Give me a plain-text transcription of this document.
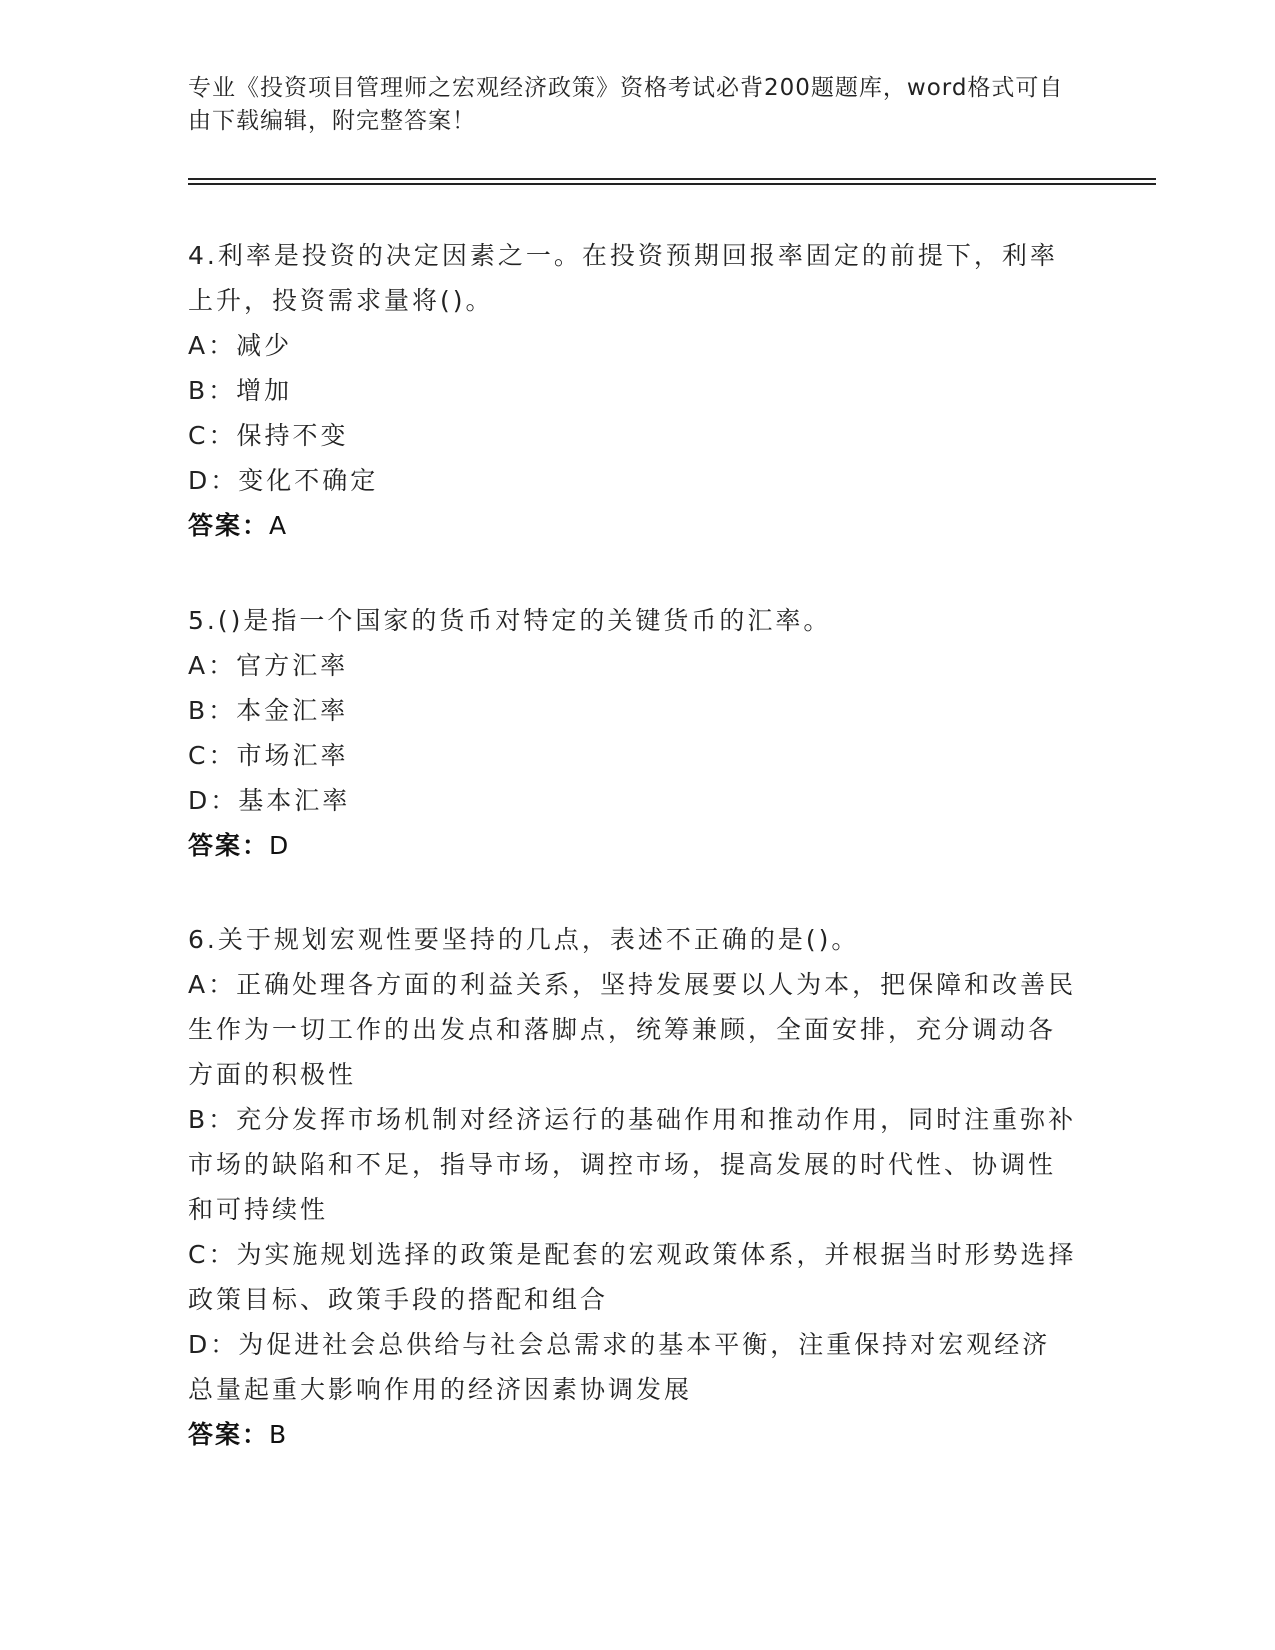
专业《投资项目管理师之宏观经济政策》资格考试必背200题题库，word格式可自由下载编辑，附完整答案！

4.利率是投资的决定因素之一。在投资预期回报率固定的前提下，利率上升，投资需求量将()。

A：减少

B：增加

C：保持不变

D：变化不确定

答案：A

5.()是指一个国家的货币对特定的关键货币的汇率。

A：官方汇率

B：本金汇率

C：市场汇率

D：基本汇率

答案：D

6.关于规划宏观性要坚持的几点，表述不正确的是()。

A：正确处理各方面的利益关系，坚持发展要以人为本，把保障和改善民生作为一切工作的出发点和落脚点，统筹兼顾，全面安排，充分调动各方面的积极性

B：充分发挥市场机制对经济运行的基础作用和推动作用，同时注重弥补市场的缺陷和不足，指导市场，调控市场，提高发展的时代性、协调性和可持续性

C：为实施规划选择的政策是配套的宏观政策体系，并根据当时形势选择政策目标、政策手段的搭配和组合

D：为促进社会总供给与社会总需求的基本平衡，注重保持对宏观经济总量起重大影响作用的经济因素协调发展

答案：B
